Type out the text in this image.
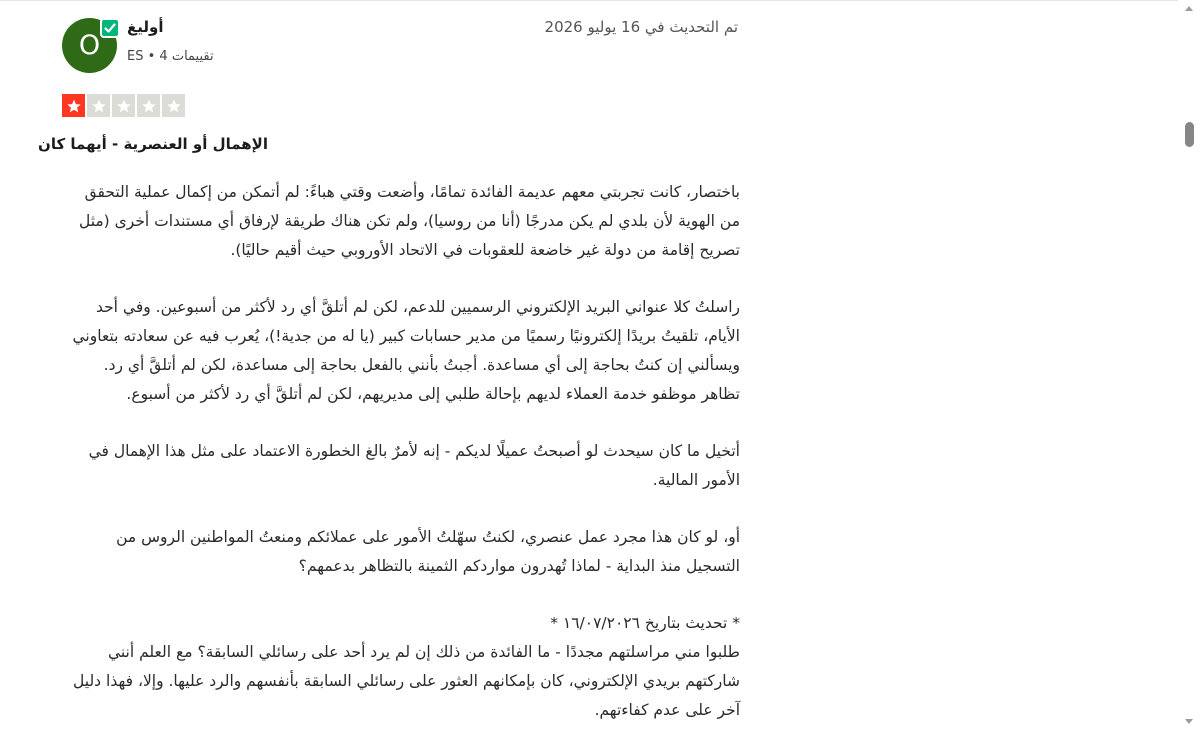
O
أوليغ
ES • 4 تقييمات
تم التحديث في 16 يوليو 2026
الإهمال أو العنصرية - أيهما كان

باختصار، كانت تجربتي معهم عديمة الفائدة تمامًا، وأضعت وقتي هباءً: لم أتمكن من إكمال عملية التحقق من الهوية لأن بلدي لم يكن مدرجًا (أنا من روسيا)، ولم تكن هناك طريقة لإرفاق أي مستندات أخرى (مثل تصريح إقامة من دولة غير خاضعة للعقوبات في الاتحاد الأوروبي حيث أقيم حاليًا).

راسلتُ كلا عنواني البريد الإلكتروني الرسميين للدعم، لكن لم أتلقَّ أي رد لأكثر من أسبوعين. وفي أحد الأيام، تلقيتُ بريدًا إلكترونيًا رسميًا من مدير حسابات كبير (يا له من جدية!)، يُعرب فيه عن سعادته بتعاوني ويسألني إن كنتُ بحاجة إلى أي مساعدة. أجبتُ بأنني بالفعل بحاجة إلى مساعدة، لكن لم أتلقَّ أي رد. تظاهر موظفو خدمة العملاء لديهم بإحالة طلبي إلى مديريهم، لكن لم أتلقَّ أي رد لأكثر من أسبوع.

أتخيل ما كان سيحدث لو أصبحتُ عميلًا لديكم - إنه لأمرٌ بالغ الخطورة الاعتماد على مثل هذا الإهمال في الأمور المالية.

أو، لو كان هذا مجرد عمل عنصري، لكنتُ سهّلتُ الأمور على عملائكم ومنعتُ المواطنين الروس من التسجيل منذ البداية - لماذا تُهدرون مواردكم الثمينة بالتظاهر بدعمهم؟

* تحديث بتاريخ ١٦/٠٧/٢٠٢٦ *

طلبوا مني مراسلتهم مجددًا - ما الفائدة من ذلك إن لم يرد أحد على رسائلي السابقة؟ مع العلم أنني شاركتهم بريدي الإلكتروني، كان بإمكانهم العثور على رسائلي السابقة بأنفسهم والرد عليها. وإلا، فهذا دليل آخر على عدم كفاءتهم.
